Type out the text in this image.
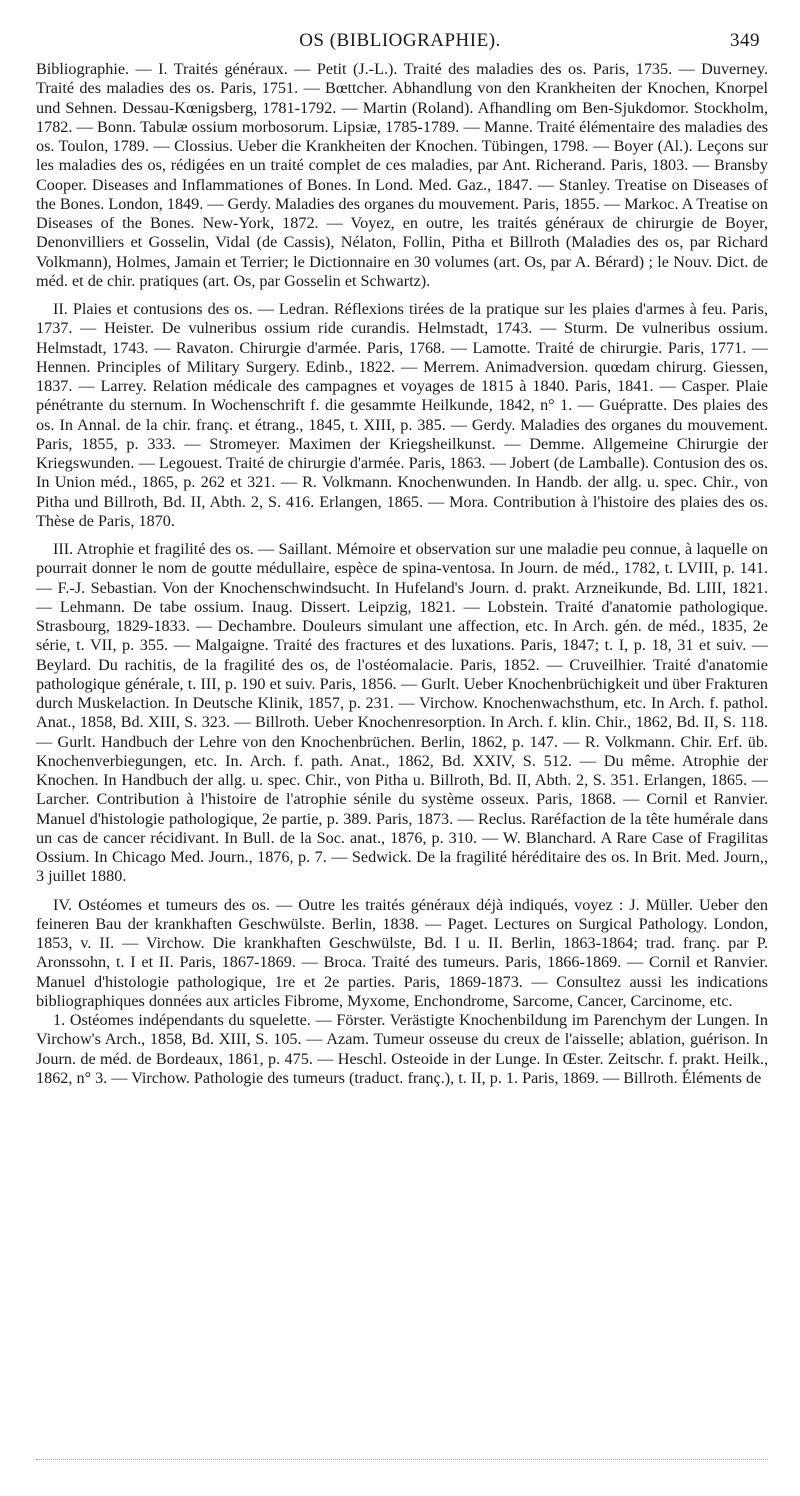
OS (BIBLIOGRAPHIE).	349

Bibliographie. — I. Traités généraux. — Petit (J.-L.). Traité des maladies des os. Paris, 1735. — Duverney. Traité des maladies des os. Paris, 1751. — Bœttcher. Abhandlung von den Krankheiten der Knochen, Knorpel und Sehnen. Dessau-Kœnigsberg, 1781-1792. — Martin (Roland). Afhandling om Ben-Sjukdomor. Stockholm, 1782. — Bonn. Tabulæ ossium morbosorum. Lipsiæ, 1785-1789. — Manne. Traité élémentaire des maladies des os. Toulon, 1789. — Clossius. Ueber die Krankheiten der Knochen. Tübingen, 1798. — Boyer (Al.). Leçons sur les maladies des os, rédigées en un traité complet de ces maladies, par Ant. Richerand. Paris, 1803. — Bransby Cooper. Diseases and Inflammationes of Bones. In Lond. Med. Gaz., 1847. — Stanley. Treatise on Diseases of the Bones. London, 1849. — Gerdy. Maladies des organes du mouvement. Paris, 1855. — Markoc. A Treatise on Diseases of the Bones. New-York, 1872. — Voyez, en outre, les traités généraux de chirurgie de Boyer, Denonvilliers et Gosselin, Vidal (de Cassis), Nélaton, Follin, Pitha et Billroth (Maladies des os, par Richard Volkmann), Holmes, Jamain et Terrier; le Dictionnaire en 30 volumes (art. Os, par A. Bérard) ; le Nouv. Dict. de méd. et de chir. pratiques (art. Os, par Gosselin et Schwartz).

II. Plaies et contusions des os. — Ledran. Réflexions tirées de la pratique sur les plaies d'armes à feu. Paris, 1737. — Heister. De vulneribus ossium ride curandis. Helmstadt, 1743. — Sturm. De vulneribus ossium. Helmstadt, 1743. — Ravaton. Chirurgie d'armée. Paris, 1768. — Lamotte. Traité de chirurgie. Paris, 1771. — Hennen. Principles of Military Surgery. Edinb., 1822. — Merrem. Animadversion. quœdam chirurg. Giessen, 1837. — Larrey. Relation médicale des campagnes et voyages de 1815 à 1840. Paris, 1841. — Casper. Plaie pénétrante du sternum. In Wochenschrift f. die gesammte Heilkunde, 1842, n° 1. — Guépratte. Des plaies des os. In Annal. de la chir. franç. et étrang., 1845, t. XIII, p. 385. — Gerdy. Maladies des organes du mouvement. Paris, 1855, p. 333. — Stromeyer. Maximen der Kriegsheilkunst. — Demme. Allgemeine Chirurgie der Kriegswunden. — Legouest. Traité de chirurgie d'armée. Paris, 1863. — Jobert (de Lamballe). Contusion des os. In Union méd., 1865, p. 262 et 321. — R. Volkmann. Knochenwunden. In Handb. der allg. u. spec. Chir., von Pitha und Billroth, Bd. II, Abth. 2, S. 416. Erlangen, 1865. — Mora. Contribution à l'histoire des plaies des os. Thèse de Paris, 1870.

III. Atrophie et fragilité des os. — Saillant. Mémoire et observation sur une maladie peu connue, à laquelle on pourrait donner le nom de goutte médullaire, espèce de spina-ventosa. In Journ. de méd., 1782, t. LVIII, p. 141. — F.-J. Sebastian. Von der Knochenschwindsucht. In Hufeland's Journ. d. prakt. Arzneikunde, Bd. LIII, 1821. — Lehmann. De tabe ossium. Inaug. Dissert. Leipzig, 1821. — Lobstein. Traité d'anatomie pathologique. Strasbourg, 1829-1833. — Dechambre. Douleurs simulant une affection, etc. In Arch. gén. de méd., 1835, 2e série, t. VII, p. 355. — Malgaigne. Traité des fractures et des luxations. Paris, 1847; t. I, p. 18, 31 et suiv. — Beylard. Du rachitis, de la fragilité des os, de l'ostéomalacie. Paris, 1852. — Cruveilhier. Traité d'anatomie pathologique générale, t. III, p. 190 et suiv. Paris, 1856. — Gurlt. Ueber Knochenbrüchigkeit und über Frakturen durch Muskelaction. In Deutsche Klinik, 1857, p. 231. — Virchow. Knochenwachsthum, etc. In Arch. f. pathol. Anat., 1858, Bd. XIII, S. 323. — Billroth. Ueber Knochenresorption. In Arch. f. klin. Chir., 1862, Bd. II, S. 118. — Gurlt. Handbuch der Lehre von den Knochenbrüchen. Berlin, 1862, p. 147. — R. Volkmann. Chir. Erf. üb. Knochenverbiegungen, etc. In. Arch. f. path. Anat., 1862, Bd. XXIV, S. 512. — Du même. Atrophie der Knochen. In Handbuch der allg. u. spec. Chir., von Pitha u. Billroth, Bd. II, Abth. 2, S. 351. Erlangen, 1865. — Larcher. Contribution à l'histoire de l'atrophie sénile du système osseux. Paris, 1868. — Cornil et Ranvier. Manuel d'histologie pathologique, 2e partie, p. 389. Paris, 1873. — Reclus. Raréfaction de la tête humérale dans un cas de cancer récidivant. In Bull. de la Soc. anat., 1876, p. 310. — W. Blanchard. A Rare Case of Fragilitas Ossium. In Chicago Med. Journ., 1876, p. 7. — Sedwick. De la fragilité héréditaire des os. In Brit. Med. Journ,, 3 juillet 1880.

IV. Ostéomes et tumeurs des os. — Outre les traités généraux déjà indiqués, voyez : J. Müller. Ueber den feineren Bau der krankhaften Geschwülste. Berlin, 1838. — Paget. Lectures on Surgical Pathology. London, 1853, v. II. — Virchow. Die krankhaften Geschwülste, Bd. I u. II. Berlin, 1863-1864; trad. franç. par P. Aronssohn, t. I et II. Paris, 1867-1869. — Broca. Traité des tumeurs. Paris, 1866-1869. — Cornil et Ranvier. Manuel d'histologie pathologique, 1re et 2e parties. Paris, 1869-1873. — Consultez aussi les indications bibliographiques données aux articles Fibrome, Myxome, Enchondrome, Sarcome, Cancer, Carcinome, etc.

1. Ostéomes indépendants du squelette. — Förster. Verästigte Knochenbildung im Parenchym der Lungen. In Virchow's Arch., 1858, Bd. XIII, S. 105. — Azam. Tumeur osseuse du creux de l'aisselle; ablation, guérison. In Journ. de méd. de Bordeaux, 1861, p. 475. — Heschl. Osteoide in der Lunge. In Œster. Zeitschr. f. prakt. Heilk., 1862, n° 3. — Virchow. Pathologie des tumeurs (traduct. franç.), t. II, p. 1. Paris, 1869. — Billroth. Éléments de
